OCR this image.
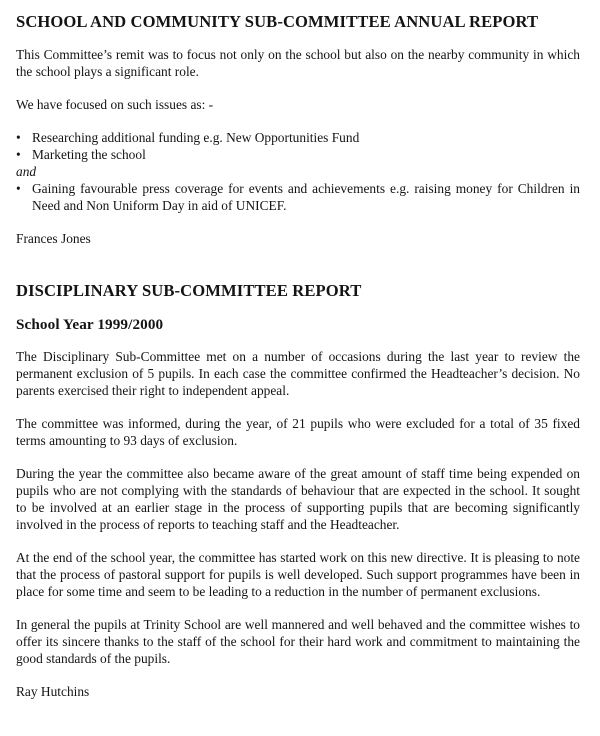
SCHOOL AND COMMUNITY SUB-COMMITTEE ANNUAL REPORT

This Committee’s remit was to focus not only on the school but also on the nearby community in which the school plays a significant role.

We have focused on such issues as: -

• Researching additional funding e.g. New Opportunities Fund
• Marketing the school
and
• Gaining favourable press coverage for events and achievements e.g. raising money for Children in Need and Non Uniform Day in aid of UNICEF.
Frances Jones
DISCIPLINARY SUB-COMMITTEE REPORT
School Year 1999/2000

The Disciplinary Sub-Committee met on a number of occasions during the last year to review the permanent exclusion of 5 pupils. In each case the committee confirmed the Headteacher’s decision. No parents exercised their right to independent appeal.

The committee was informed, during the year, of 21 pupils who were excluded for a total of 35 fixed terms amounting to 93 days of exclusion.

During the year the committee also became aware of the great amount of staff time being expended on pupils who are not complying with the standards of behaviour that are expected in the school. It sought to be involved at an earlier stage in the process of supporting pupils that are becoming significantly involved in the process of reports to teaching staff and the Headteacher.

At the end of the school year, the committee has started work on this new directive. It is pleasing to note that the process of pastoral support for pupils is well developed. Such support programmes have been in place for some time and seem to be leading to a reduction in the number of permanent exclusions.

In general the pupils at Trinity School are well mannered and well behaved and the committee wishes to offer its sincere thanks to the staff of the school for their hard work and commitment to maintaining the good standards of the pupils.

Ray Hutchins
